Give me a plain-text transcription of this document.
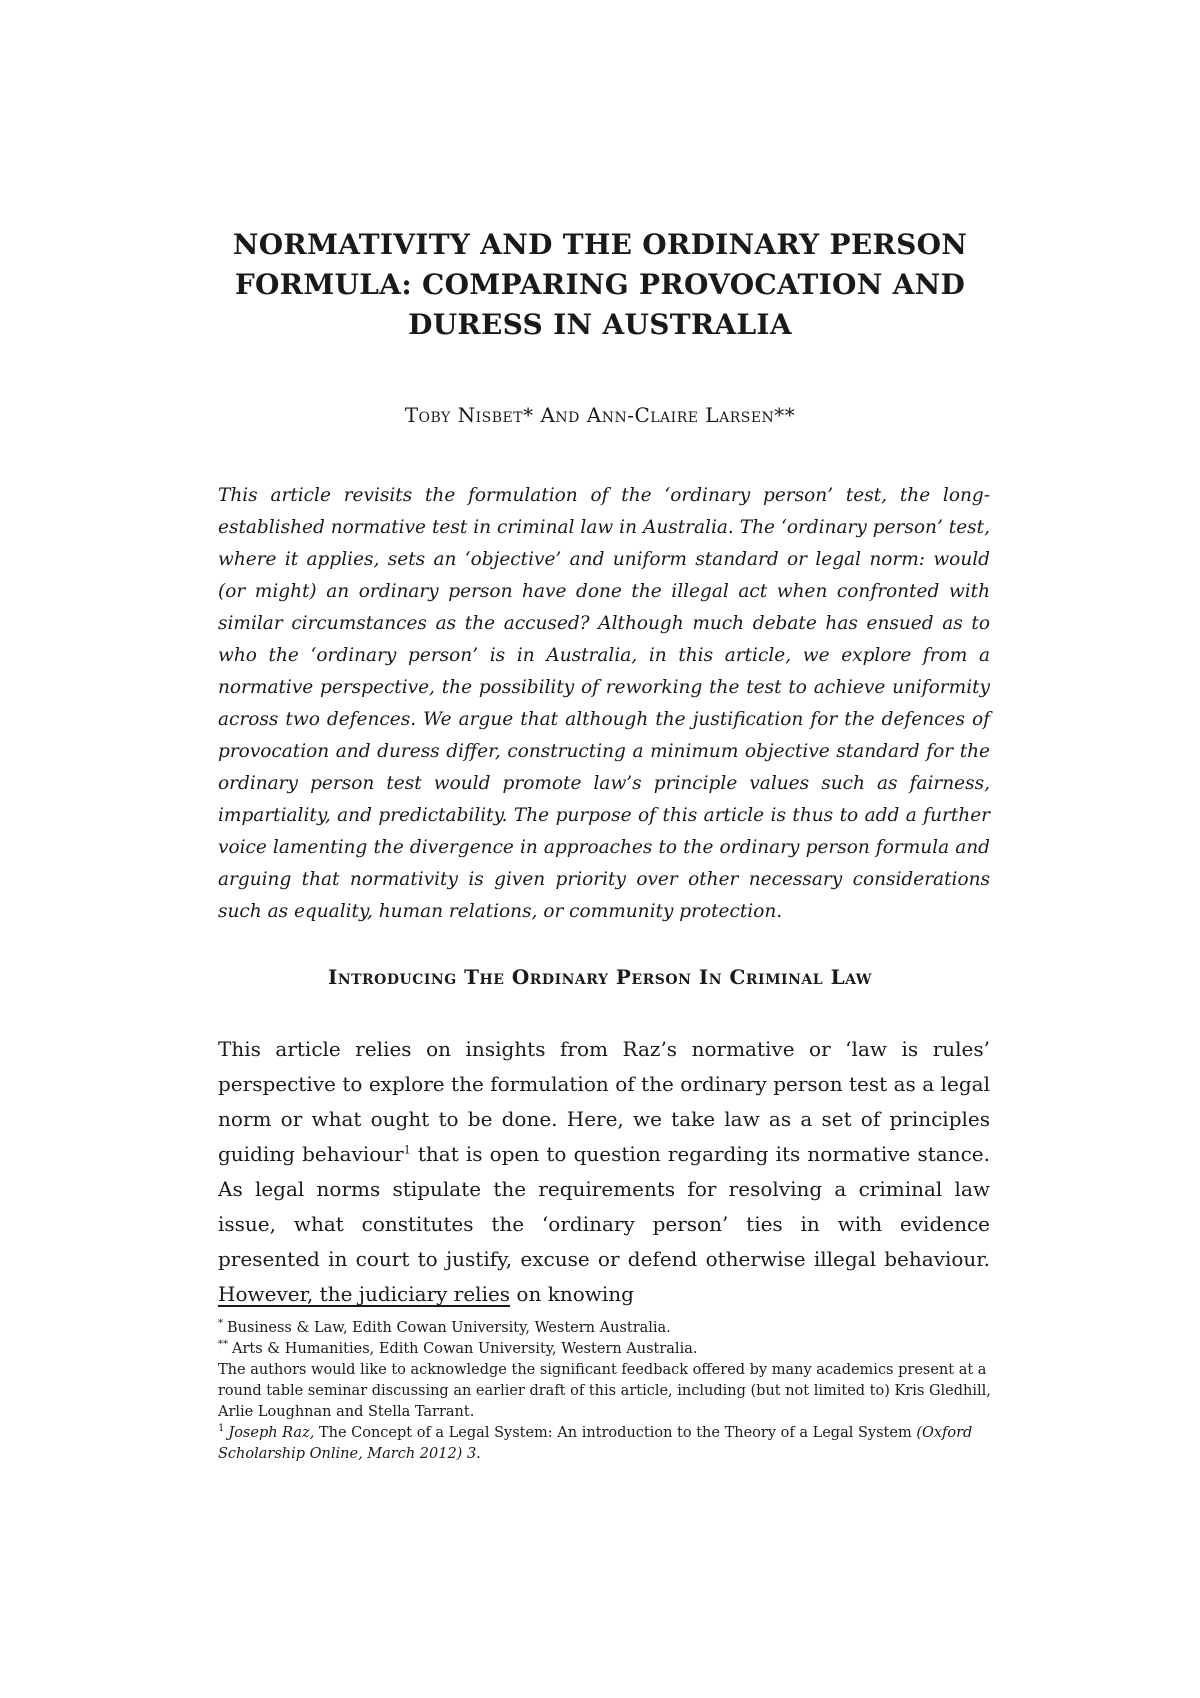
NORMATIVITY AND THE ORDINARY PERSON
FORMULA: COMPARING PROVOCATION AND
DURESS IN AUSTRALIA

Toby Nisbet* And Ann-Claire Larsen**

This article revisits the formulation of the ‘ordinary person’ test, the long-established normative test in criminal law in Australia. The ‘ordinary person’ test, where it applies, sets an ‘objective’ and uniform standard or legal norm: would (or might) an ordinary person have done the illegal act when confronted with similar circumstances as the accused? Although much debate has ensued as to who the ‘ordinary person’ is in Australia, in this article, we explore from a normative perspective, the possibility of reworking the test to achieve uniformity across two defences. We argue that although the justification for the defences of provocation and duress differ, constructing a minimum objective standard for the ordinary person test would promote law’s principle values such as fairness, impartiality, and predictability. The purpose of this article is thus to add a further voice lamenting the divergence in approaches to the ordinary person formula and arguing that normativity is given priority over other necessary considerations such as equality, human relations, or community protection.

Introducing The Ordinary Person In Criminal Law

This article relies on insights from Raz’s normative or ‘law is rules’ perspective to explore the formulation of the ordinary person test as a legal norm or what ought to be done. Here, we take law as a set of principles guiding behaviour$^1$ that is open to question regarding its normative stance. As legal norms stipulate the requirements for resolving a criminal law issue, what constitutes the ‘ordinary person’ ties in with evidence presented in court to justify, excuse or defend otherwise illegal behaviour. However, the judiciary relies on knowing

* Business & Law, Edith Cowan University, Western Australia.

** Arts & Humanities, Edith Cowan University, Western Australia.

The authors would like to acknowledge the significant feedback offered by many academics present at a round table seminar discussing an earlier draft of this article, including (but not limited to) Kris Gledhill, Arlie Loughnan and Stella Tarrant.

$^1$ Joseph Raz, The Concept of a Legal System: An introduction to the Theory of a Legal System (Oxford Scholarship Online, March 2012) 3.
